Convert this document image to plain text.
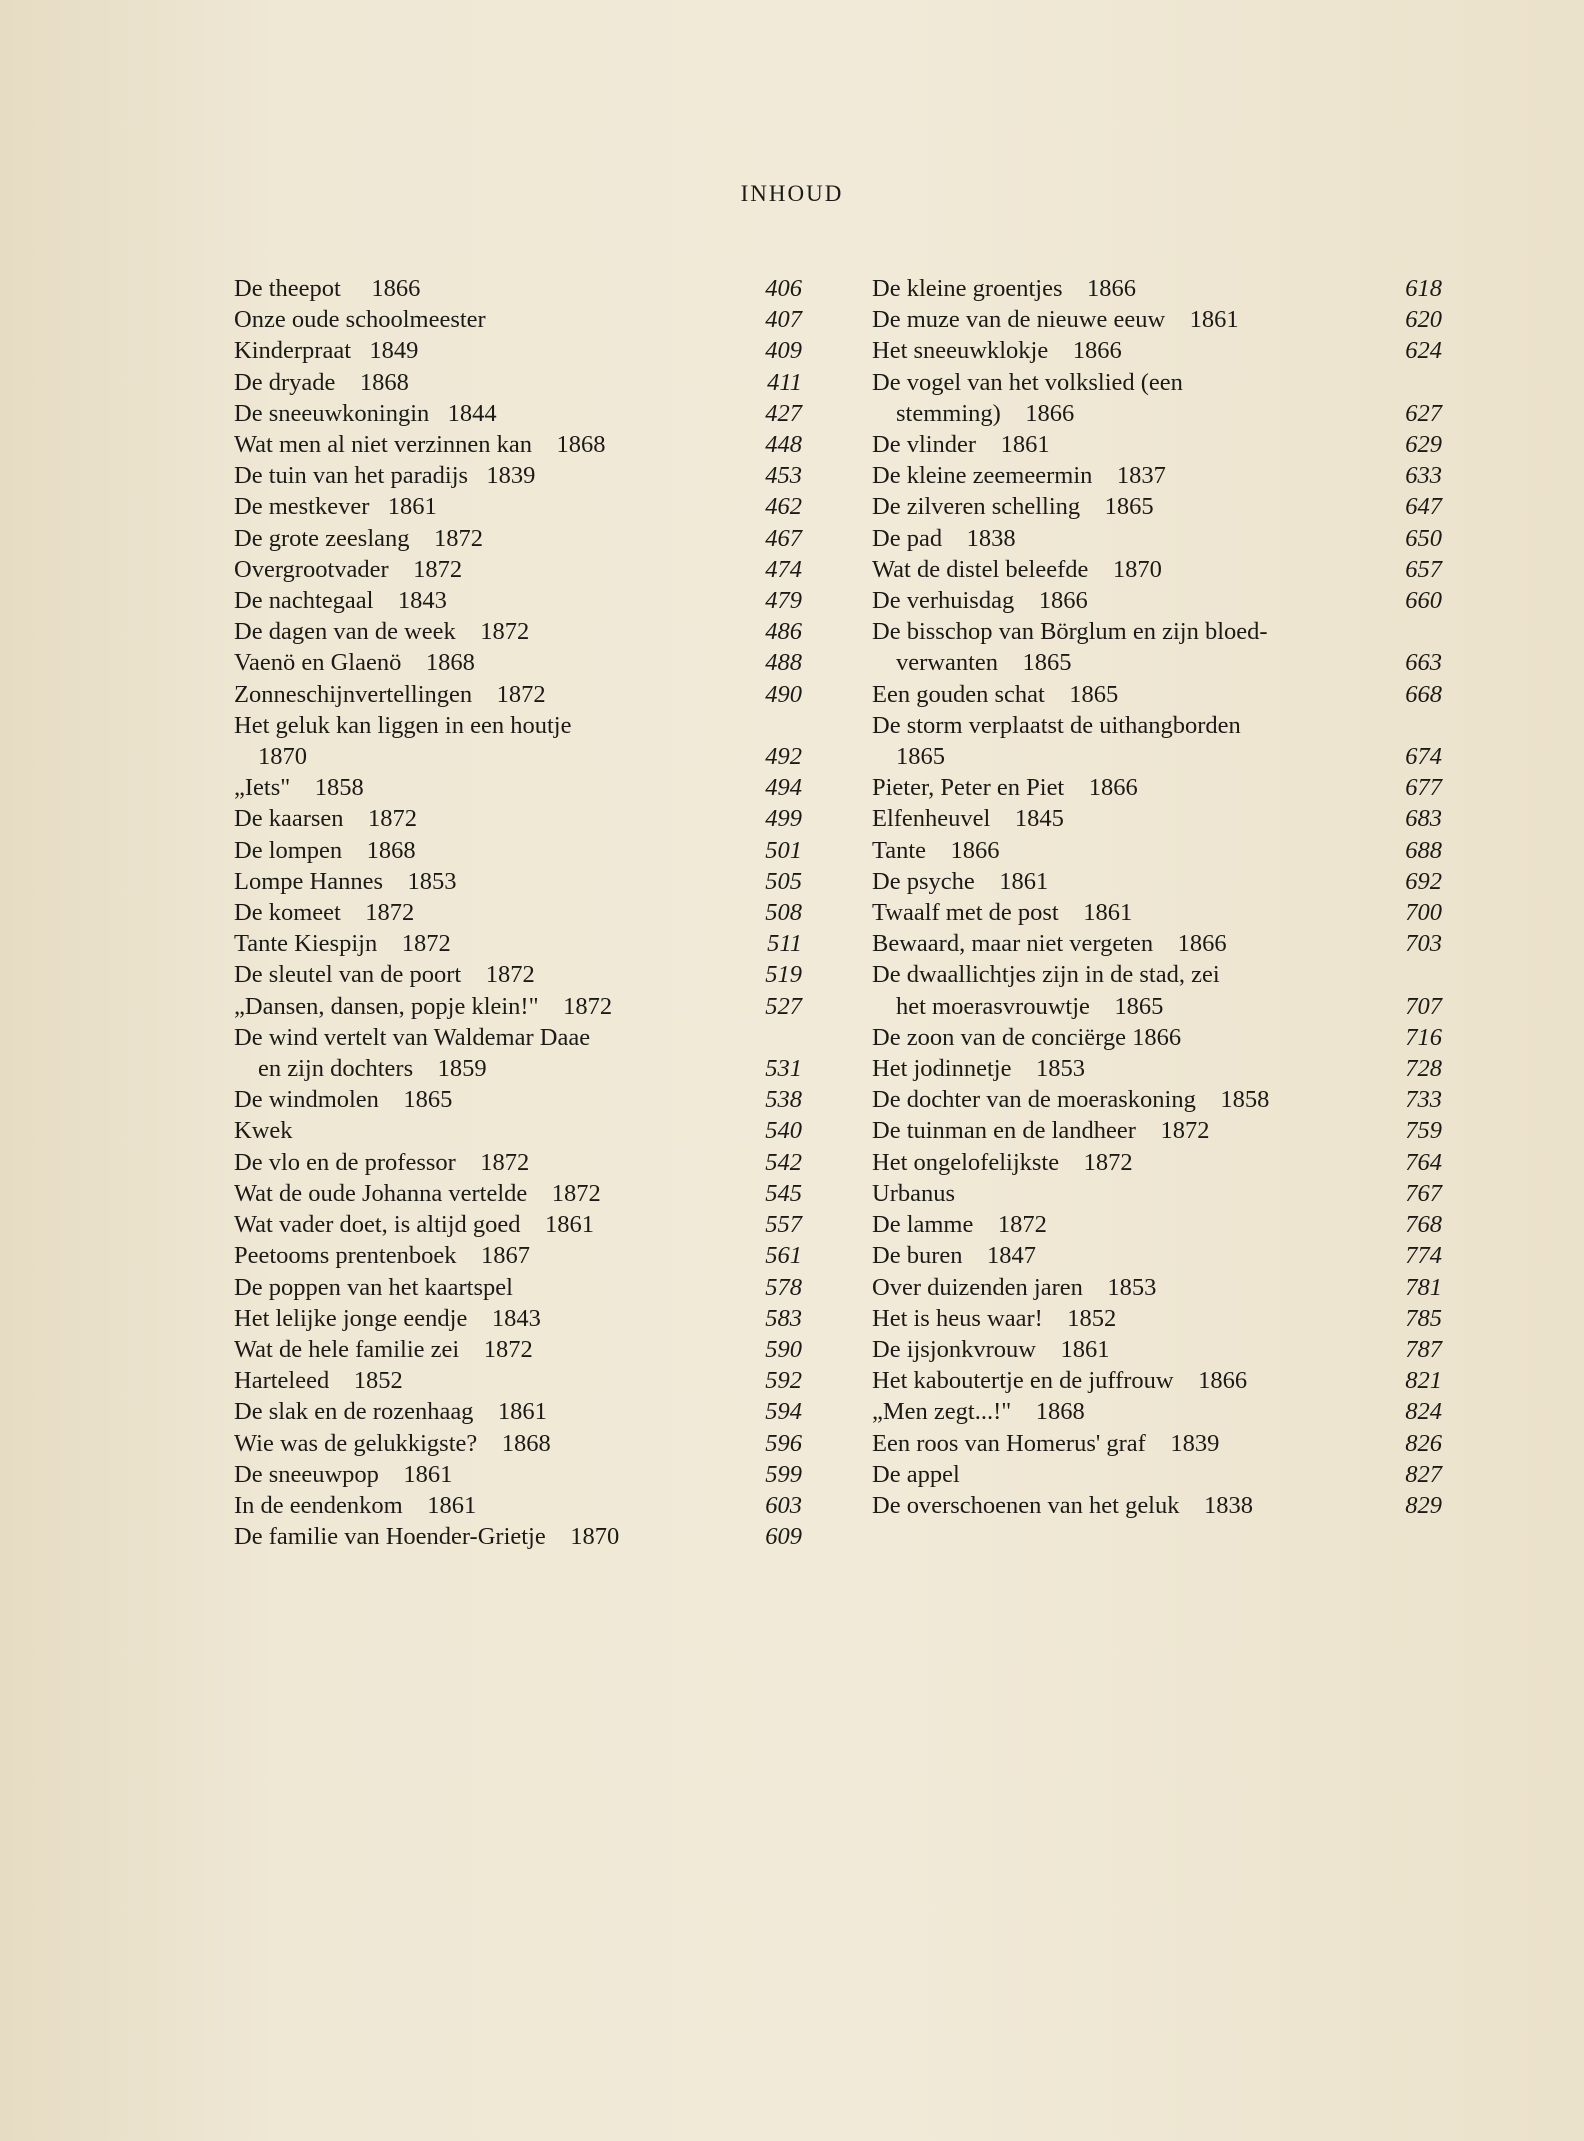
INHOUD
De theepot     1866	406
Onze oude schoolmeester	407
Kinderpraat   1849	409
De dryade    1868	411
De sneeuwkoningin   1844	427
Wat men al niet verzinnen kan    1868	448
De tuin van het paradijs   1839	453
De mestkever   1861	462
De grote zeeslang    1872	467
Overgrootvader    1872	474
De nachtegaal    1843	479
De dagen van de week    1872	486
Vaenö en Glaenö    1868	488
Zonneschijnvertellingen    1872	490
Het geluk kan liggen in een houtje
1870	492
„Iets"    1858	494
De kaarsen    1872	499
De lompen    1868	501
Lompe Hannes    1853	505
De komeet    1872	508
Tante Kiespijn    1872	511
De sleutel van de poort    1872	519
„Dansen, dansen, popje klein!"    1872	527
De wind vertelt van Waldemar Daae
en zijn dochters    1859	531
De windmolen    1865	538
Kwek	540
De vlo en de professor    1872	542
Wat de oude Johanna vertelde    1872	545
Wat vader doet, is altijd goed    1861	557
Peetooms prentenboek    1867	561
De poppen van het kaartspel	578
Het lelijke jonge eendje    1843	583
Wat de hele familie zei    1872	590
Harteleed    1852	592
De slak en de rozenhaag    1861	594
Wie was de gelukkigste?    1868	596
De sneeuwpop    1861	599
In de eendenkom    1861	603
De familie van Hoender-Grietje    1870	609
De kleine groentjes    1866	618
De muze van de nieuwe eeuw    1861	620
Het sneeuwklokje    1866	624
De vogel van het volkslied (een
stemming)    1866	627
De vlinder    1861	629
De kleine zeemeermin    1837	633
De zilveren schelling    1865	647
De pad    1838	650
Wat de distel beleefde    1870	657
De verhuisdag    1866	660
De bisschop van Börglum en zijn bloed-
verwanten    1865	663
Een gouden schat    1865	668
De storm verplaatst de uithangborden
1865	674
Pieter, Peter en Piet    1866	677
Elfenheuvel    1845	683
Tante    1866	688
De psyche    1861	692
Twaalf met de post    1861	700
Bewaard, maar niet vergeten    1866	703
De dwaallichtjes zijn in de stad, zei
het moerasvrouwtje    1865	707
De zoon van de conciërge 1866	716
Het jodinnetje    1853	728
De dochter van de moeraskoning    1858	733
De tuinman en de landheer    1872	759
Het ongelofelijkste    1872	764
Urbanus	767
De lamme    1872	768
De buren    1847	774
Over duizenden jaren    1853	781
Het is heus waar!    1852	785
De ijsjonkvrouw    1861	787
Het kaboutertje en de juffrouw    1866	821
„Men zegt...!"    1868	824
Een roos van Homerus' graf    1839	826
De appel	827
De overschoenen van het geluk    1838	829
